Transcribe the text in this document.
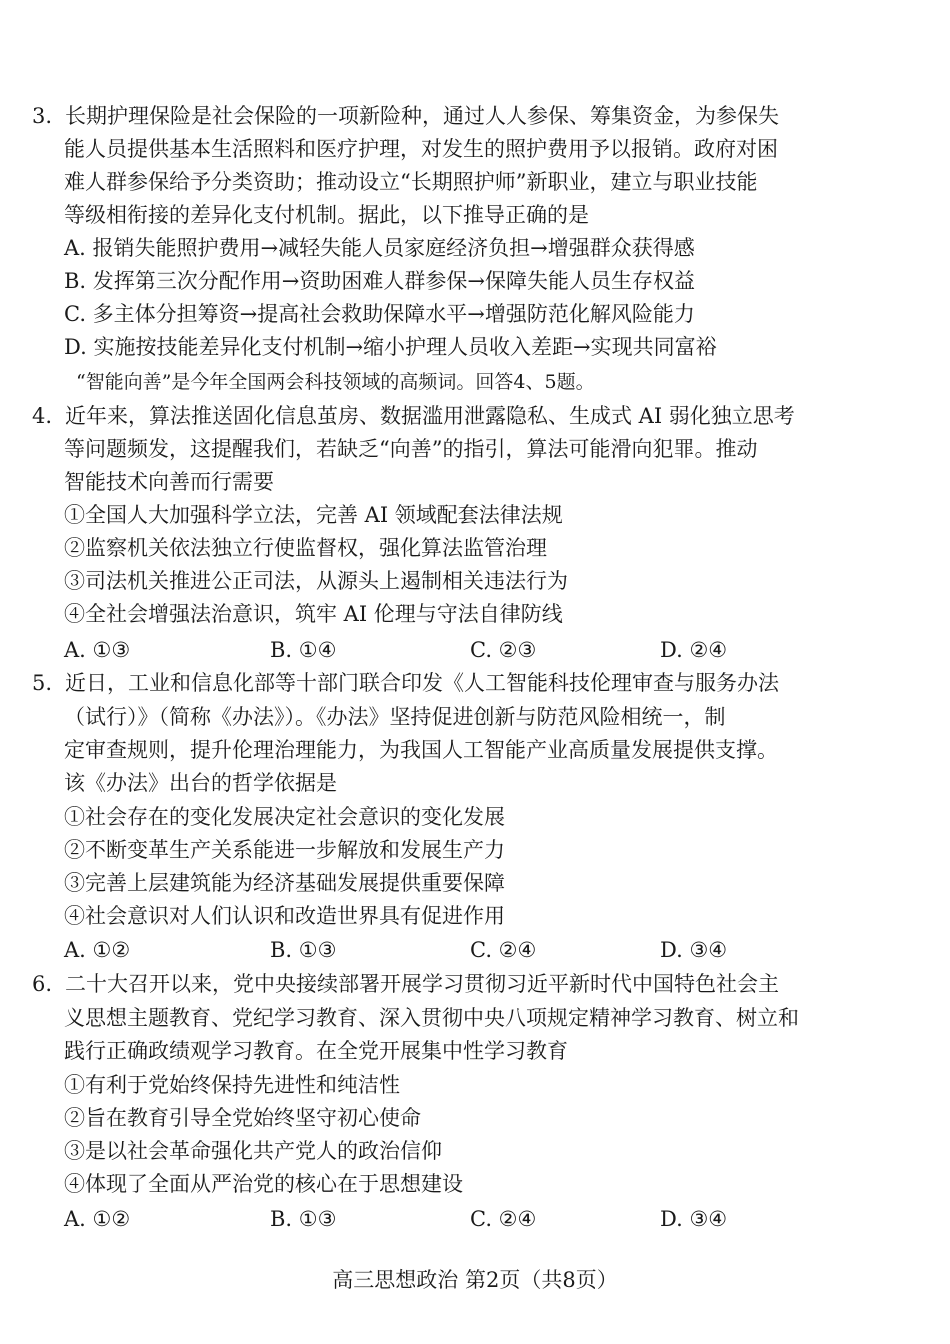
3. 长期护理保险是社会保险的一项新险种，通过人人参保、筹集资金，为参保失
能人员提供基本生活照料和医疗护理，对发生的照护费用予以报销。政府对困
难人群参保给予分类资助；推动设立“长期照护师”新职业，建立与职业技能
等级相衔接的差异化支付机制。据此，以下推导正确的是
A. 报销失能照护费用→减轻失能人员家庭经济负担→增强群众获得感
B. 发挥第三次分配作用→资助困难人群参保→保障失能人员生存权益
C. 多主体分担筹资→提高社会救助保障水平→增强防范化解风险能力
D. 实施按技能差异化支付机制→缩小护理人员收入差距→实现共同富裕
“智能向善”是今年全国两会科技领域的高频词。回答4、5题。
4. 近年来，算法推送固化信息茧房、数据滥用泄露隐私、生成式 AI 弱化独立思考
等问题频发，这提醒我们，若缺乏“向善”的指引，算法可能滑向犯罪。推动
智能技术向善而行需要
①全国人大加强科学立法，完善 AI 领域配套法律法规
②监察机关依法独立行使监督权，强化算法监管治理
③司法机关推进公正司法，从源头上遏制相关违法行为
④全社会增强法治意识，筑牢 AI 伦理与守法自律防线
A. ①③	B. ①④	C. ②③	D. ②④
5. 近日，工业和信息化部等十部门联合印发《人工智能科技伦理审查与服务办法
（试行）》（简称《办法》）。《办法》坚持促进创新与防范风险相统一，制
定审查规则，提升伦理治理能力，为我国人工智能产业高质量发展提供支撑。
该《办法》出台的哲学依据是
①社会存在的变化发展决定社会意识的变化发展
②不断变革生产关系能进一步解放和发展生产力
③完善上层建筑能为经济基础发展提供重要保障
④社会意识对人们认识和改造世界具有促进作用
A. ①②	B. ①③	C. ②④	D. ③④
6. 二十大召开以来，党中央接续部署开展学习贯彻习近平新时代中国特色社会主
义思想主题教育、党纪学习教育、深入贯彻中央八项规定精神学习教育、树立和
践行正确政绩观学习教育。在全党开展集中性学习教育
①有利于党始终保持先进性和纯洁性
②旨在教育引导全党始终坚守初心使命
③是以社会革命强化共产党人的政治信仰
④体现了全面从严治党的核心在于思想建设
A. ①②	B. ①③	C. ②④	D. ③④
高三思想政治 第2页（共8页）
